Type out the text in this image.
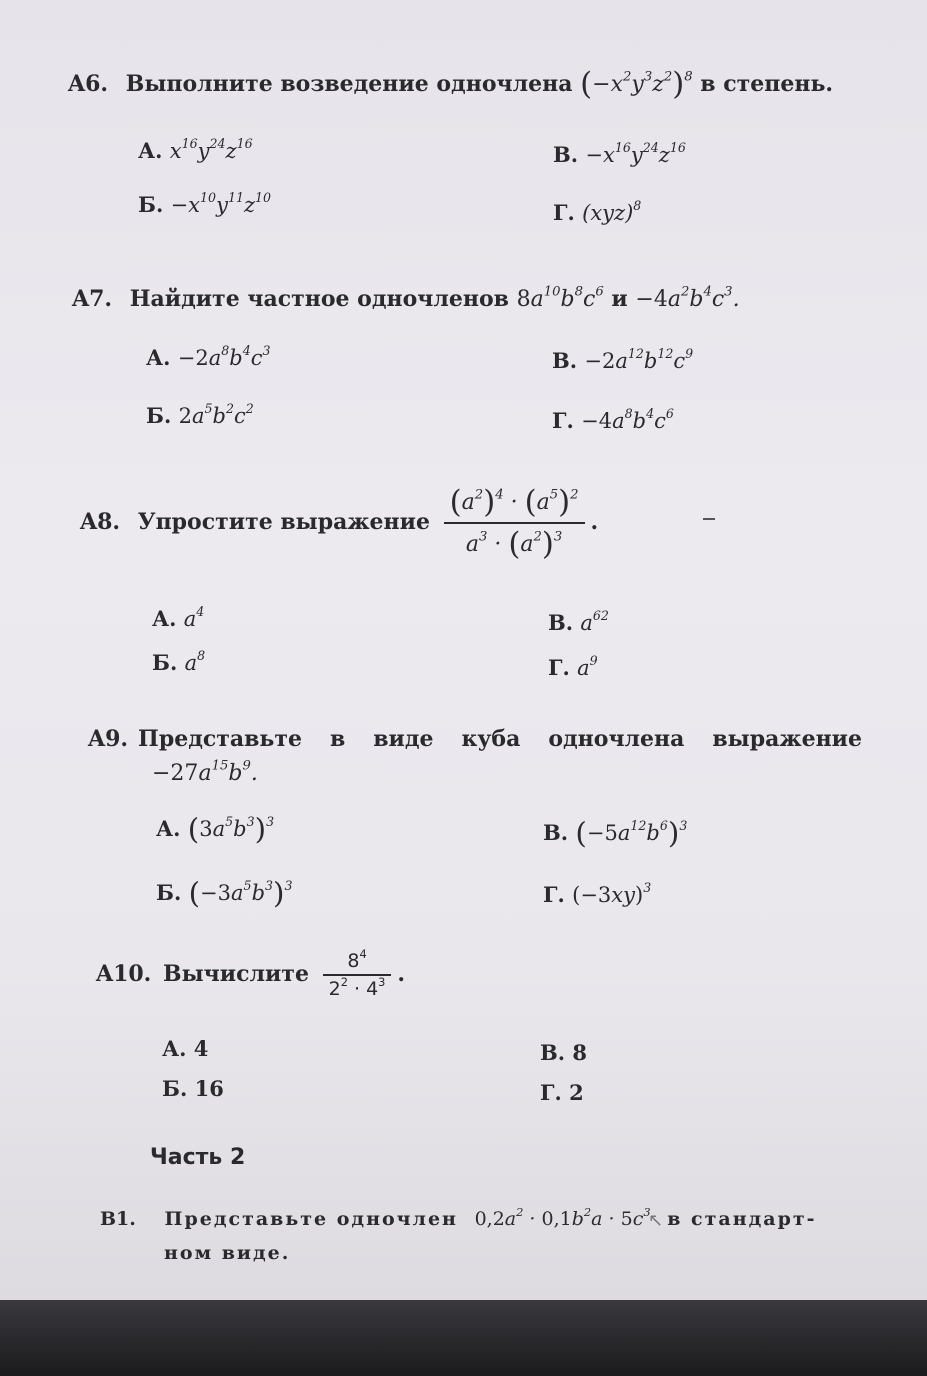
A6. Выполните возведение одночлена $(-x^2y^3z^2)^8$ в степень.
А. $x^{16}y^{24}z^{16}$
Б. $-x^{10}y^{11}z^{10}$
В. $-x^{16}y^{24}z^{16}$
Г. (xyz)$^8$
A7. Найдите частное одночленов $8a^{10}b^8c^6$ $и -4a^2b^4c^3$.
А. $-2a^8b^4c^3$
Б. $2a^5b^2c^2$
В. $-2a^{12}b^{12}c^9$
Г. $-4a^8b^4c^6$
A8. Упростите выражение $\frac{(a^2)^4 \cdot (a^5)^2}{a^3 \cdot (a^2)^3}$ .
А. $a^4$
Б. $a^8$
В. $a^{62}$
Г. $a^9$
A9. Представьте в виде куба одночлена выражение
$-27a^{15}b^9$.
А. $(3a^5b^3)^3$
Б. $(-3a^5b^3)^3$
В. $(-5a^{12}b^6)^3$
Г. $(-3xy)^3$
A10. Вычислите $\frac{8^4}{2^2 \cdot 4^3}$ .
А. 4
Б. 16
В. 8
Г. 2
Часть 2
В1. Представьте одночлен $0,2a^2 \cdot 0,1b^2a \cdot 5c^3$ в стандарт-
ном виде.
↖
